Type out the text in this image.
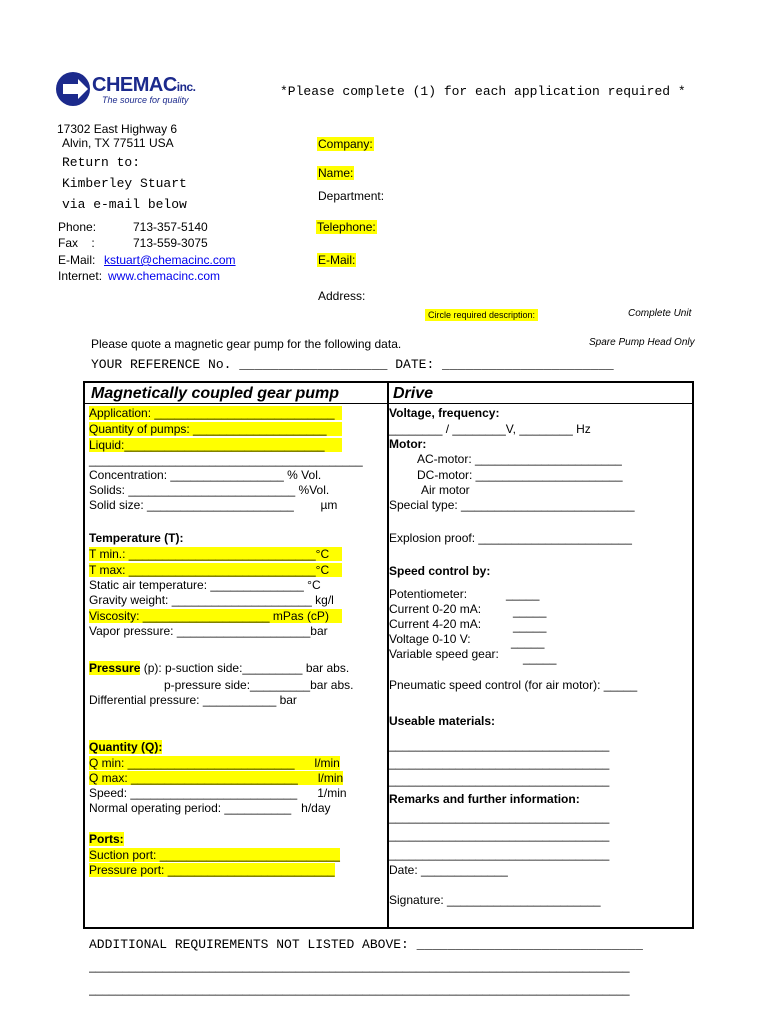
CHEMACinc.
The source for quality
*Please complete (1) for each application required *
17302 East Highway 6
Alvin, TX 77511 USA
Return to:
Kimberley Stuart
via e-mail below
Phone:	713-357-5140
Fax    :	713-559-3075
E-Mail: kstuart@chemacinc.com
Internet: www.chemacinc.com
Company:
Name:
Department:
Telephone:
E-Mail:
Address:
Circle required description:	Complete Unit
Spare Pump Head Only
Please quote a magnetic gear pump for the following data.
YOUR REFERENCE No. ___________________ DATE: ______________________
Magnetically coupled gear pump	Drive
Application: ___________________________
Quantity of pumps: ____________________
Liquid:______________________________
_________________________________________
Concentration: _________________ % Vol.
Solids: _________________________ %Vol.
Solid size: ______________________        µm
Temperature (T):
T min.: ____________________________°C
T max: ____________________________°C
Static air temperature: ______________ °C
Gravity weight: _____________________ kg/l
Viscosity: ___________________ mPas (cP)
Vapor pressure: ____________________bar
Pressure (p): p-suction side:_________ bar abs.
p-pressure side:_________bar abs.
Differential pressure: ___________ bar
Quantity (Q):
Q min: _________________________      l/min
Q max: _________________________      l/min
Speed: _________________________      1/min
Normal operating period: __________   h/day
Ports:
Suction port: ___________________________
Pressure port: _________________________
Voltage, frequency:
________ / ________V, ________ Hz
Motor:
AC-motor: ______________________
DC-motor: ______________________
Air motor
Special type: __________________________
Explosion proof: _______________________
Speed control by:
Potentiometer:	_____
Current 0-20 mA:	_____
Current 4-20 mA:	_____
Voltage 0-10 V:	_____
Variable speed gear: _____
Pneumatic speed control (for air motor): _____
Useable materials:
_________________________________
_________________________________
_________________________________
Remarks and further information:
_________________________________
_________________________________
_________________________________
Date: _____________
Signature: _______________________
ADDITIONAL REQUIREMENTS NOT LISTED ABOVE: _____________________________
_________________________________________________________________________________
_________________________________________________________________________________
